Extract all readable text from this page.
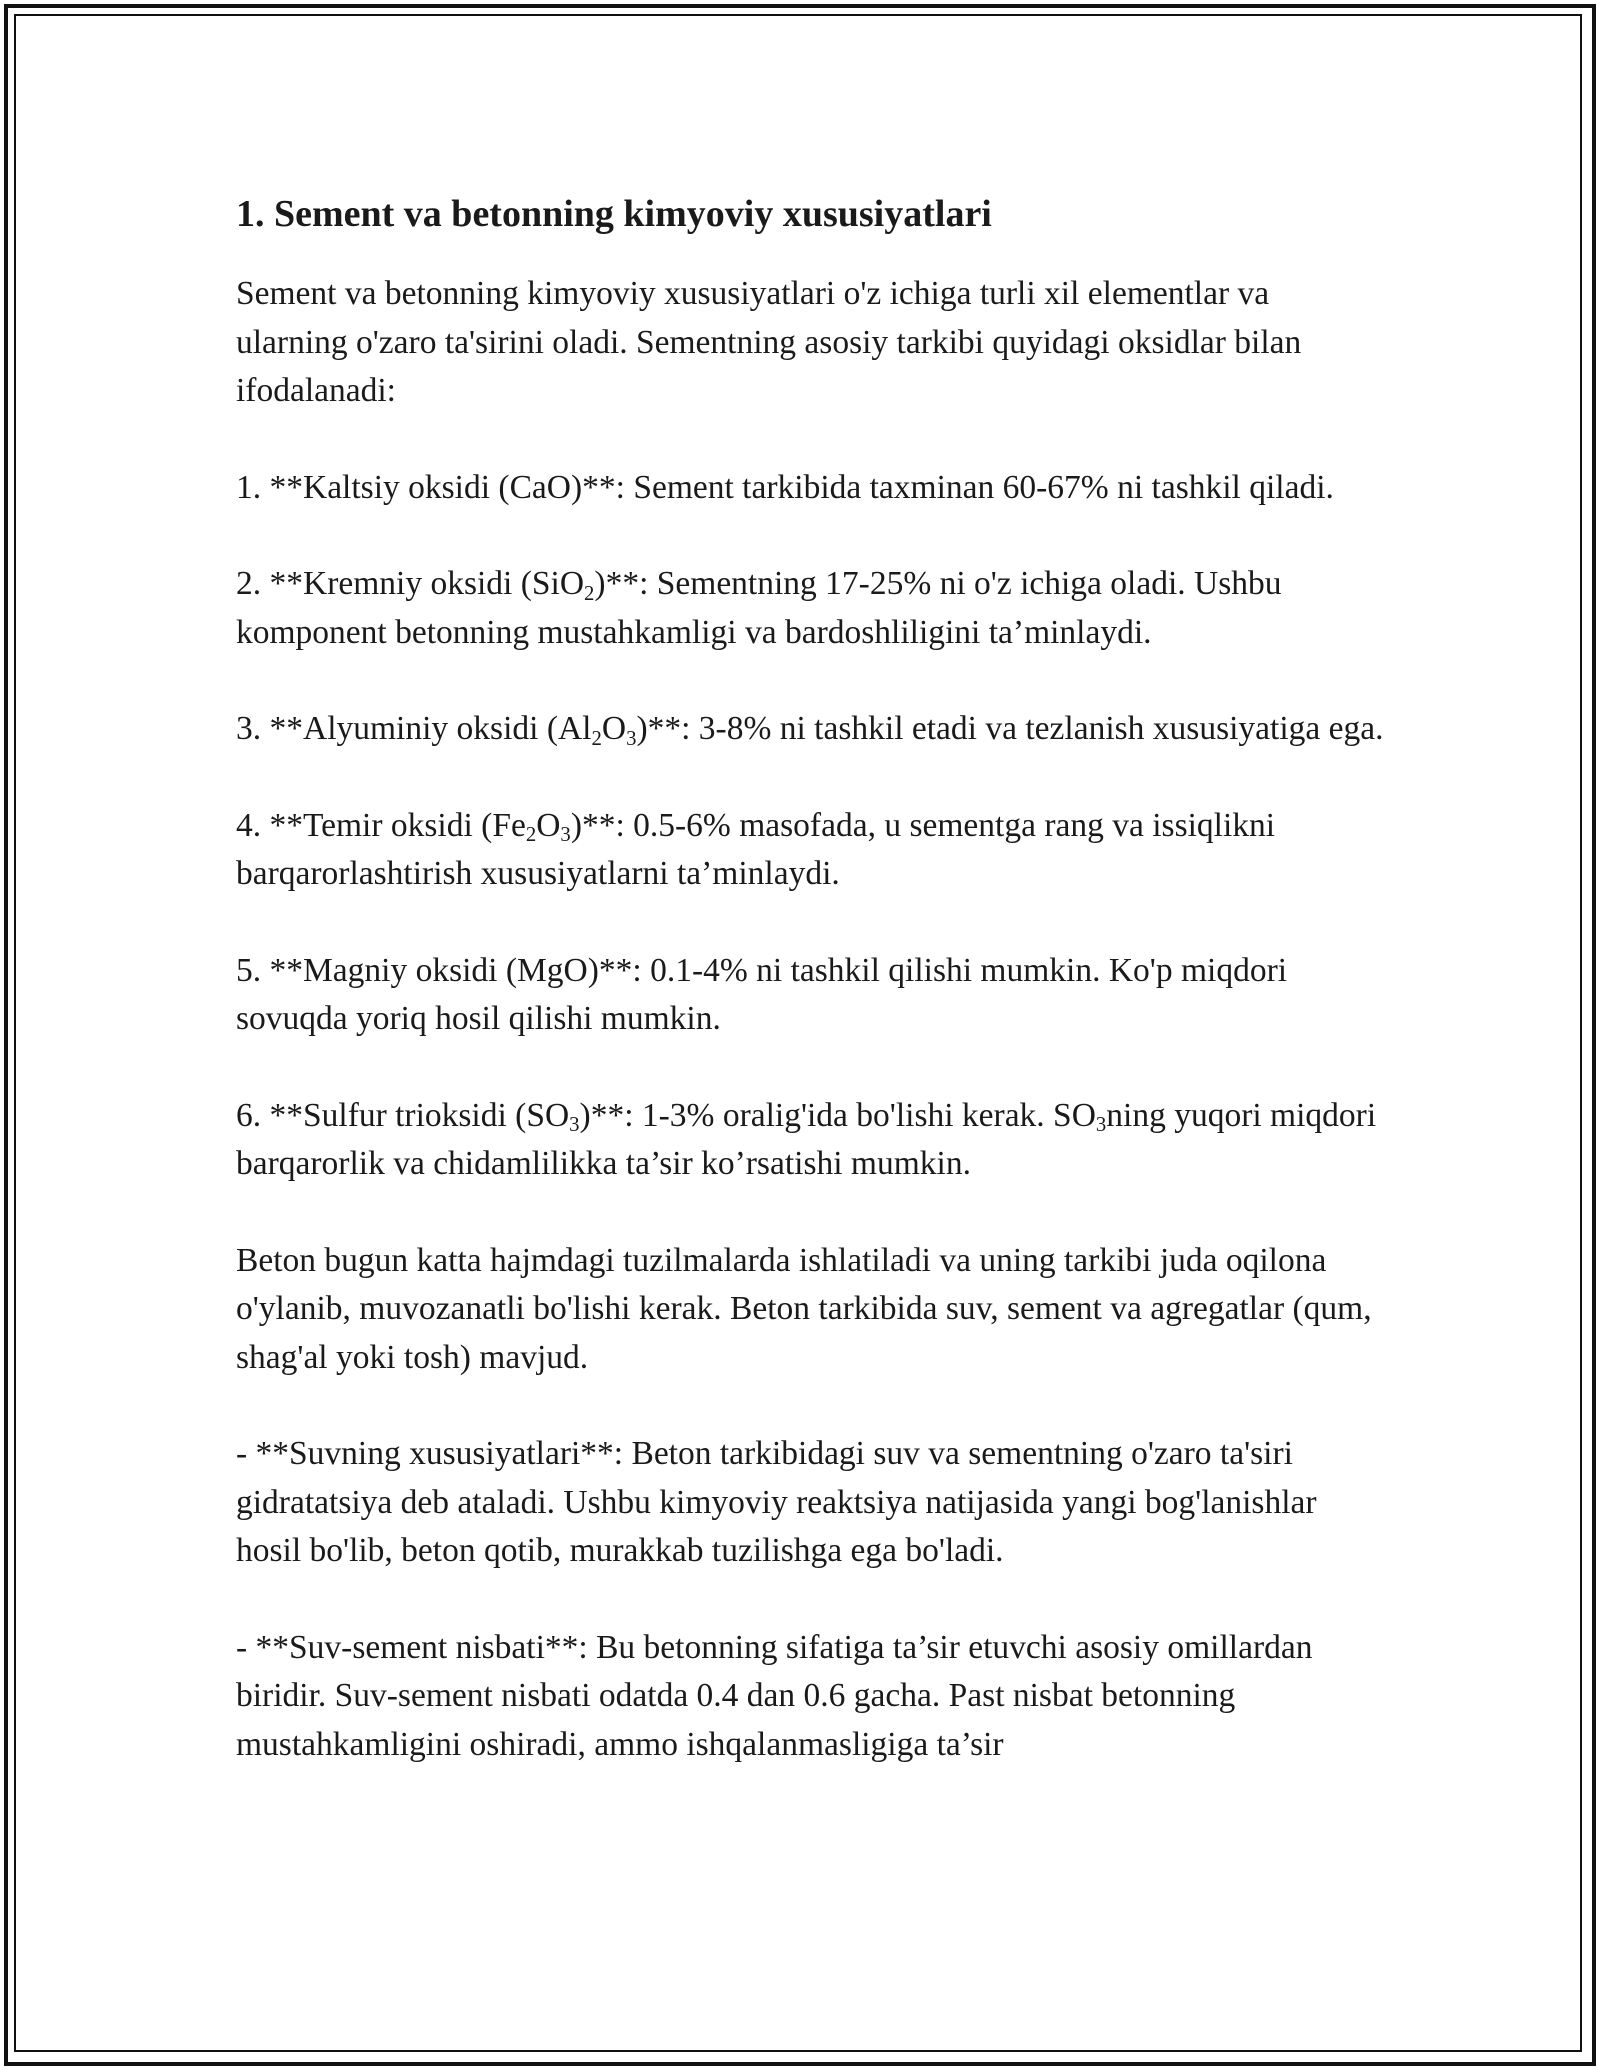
1. Sement va betonning kimyoviy xususiyatlari

Sement va betonning kimyoviy xususiyatlari o'z ichiga turli xil elementlar va ularning o'zaro ta'sirini oladi. Sementning asosiy tarkibi quyidagi oksidlar bilan ifodalanadi:

1. **Kaltsiy oksidi (CaO)**: Sement tarkibida taxminan 60-67% ni tashkil qiladi.

2. **Kremniy oksidi (SiO$_2$)**: Sementning 17-25% ni o'z ichiga oladi. Ushbu komponent betonning mustahkamligi va bardoshliligini ta’minlaydi.

3. **Alyuminiy oksidi $(Al_2O_3)**$: 3-8% ni tashkil etadi va tezlanish xususiyatiga ega.

4. **Temir oksidi $(Fe_2O_3)**$: 0.5-6% masofada, u sementga rang va issiqlikni barqarorlashtirish xususiyatlarni ta’minlaydi.

5. **Magniy oksidi (MgO)**: 0.1-4% ni tashkil qilishi mumkin. Ko'p miqdori sovuqda yoriq hosil qilishi mumkin.

6. **Sulfur trioksidi $(SO_3)**$: 1-3% oralig'ida bo'lishi kerak. $SO_3ning$ yuqori miqdori barqarorlik va chidamlilikka ta’sir ko’rsatishi mumkin.

Beton bugun katta hajmdagi tuzilmalarda ishlatiladi va uning tarkibi juda oqilona o'ylanib, muvozanatli bo'lishi kerak. Beton tarkibida suv, sement va agregatlar (qum, shag'al yoki tosh) mavjud.

- **Suvning xususiyatlari**: Beton tarkibidagi suv va sementning o'zaro ta'siri gidratatsiya deb ataladi. Ushbu kimyoviy reaktsiya natijasida yangi bog'lanishlar hosil bo'lib, beton qotib, murakkab tuzilishga ega bo'ladi.

- **Suv-sement nisbati**: Bu betonning sifatiga ta’sir etuvchi asosiy omillardan biridir. Suv-sement nisbati odatda 0.4 dan 0.6 gacha. Past nisbat betonning mustahkamligini oshiradi, ammo ishqalanmasligiga ta’sir
